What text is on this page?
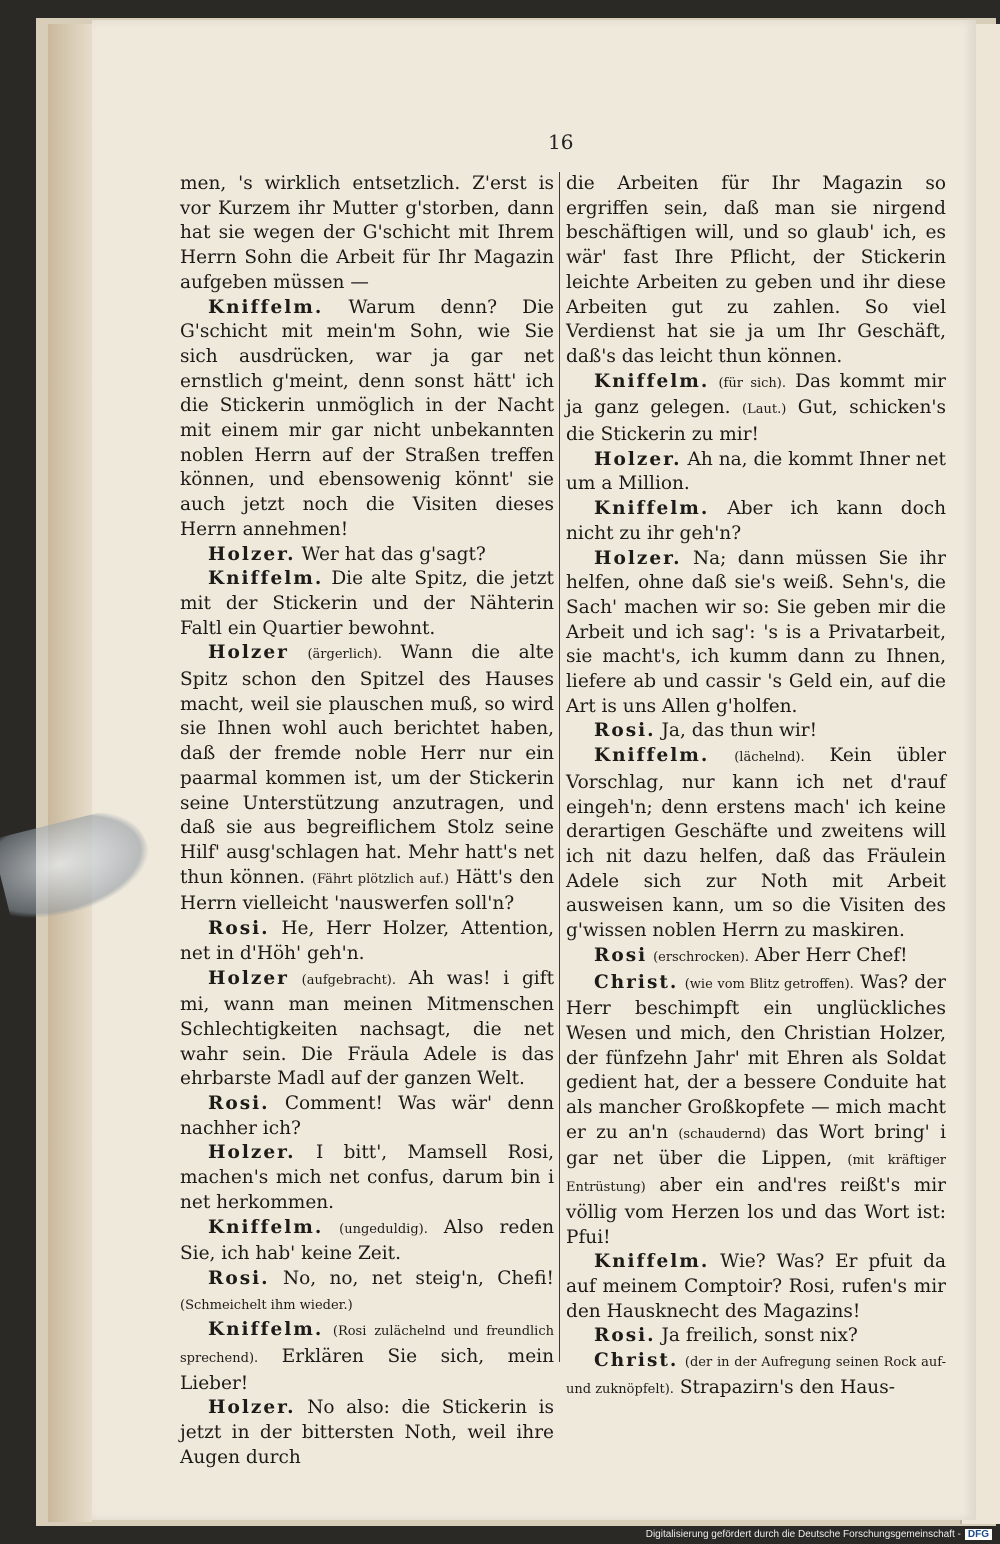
16

men, 's wirklich entsetzlich. Z'erst is vor Kurzem ihr Mutter g'storben, dann hat sie wegen der G'schicht mit Ihrem Herrn Sohn die Arbeit für Ihr Magazin aufgeben müssen —

Kniffelm. Warum denn? Die G'schicht mit mein'm Sohn, wie Sie sich ausdrücken, war ja gar net ernstlich g'meint, denn sonst hätt' ich die Stickerin unmöglich in der Nacht mit einem mir gar nicht unbekannten noblen Herrn auf der Straßen treffen können, und ebensowenig könnt' sie auch jetzt noch die Visiten dieses Herrn annehmen!

Holzer. Wer hat das g'sagt?

Kniffelm. Die alte Spitz, die jetzt mit der Stickerin und der Nähterin Faltl ein Quartier bewohnt.

Holzer (ärgerlich). Wann die alte Spitz schon den Spitzel des Hauses macht, weil sie plauschen muß, so wird sie Ihnen wohl auch berichtet haben, daß der fremde noble Herr nur ein paarmal kommen ist, um der Stickerin seine Unterstützung anzutragen, und daß sie aus begreiflichem Stolz seine Hilf' ausg'schlagen hat. Mehr hatt's net thun können. (Fährt plötzlich auf.) Hätt's den Herrn vielleicht 'nauswerfen soll'n?

Rosi. He, Herr Holzer, Attention, net in d'Höh' geh'n.

Holzer (aufgebracht). Ah was! i gift mi, wann man meinen Mitmenschen Schlechtigkeiten nachsagt, die net wahr sein. Die Fräula Adele is das ehrbarste Madl auf der ganzen Welt.

Rosi. Comment! Was wär' denn nachher ich?

Holzer. I bitt', Mamsell Rosi, machen's mich net confus, darum bin i net herkommen.

Kniffelm. (ungeduldig). Also reden Sie, ich hab' keine Zeit.

Rosi. No, no, net steig'n, Chefi! (Schmeichelt ihm wieder.)

Kniffelm. (Rosi zulächelnd und freundlich sprechend). Erklären Sie sich, mein Lieber!

Holzer. No also: die Stickerin is jetzt in der bittersten Noth, weil ihre Augen durch

die Arbeiten für Ihr Magazin so ergriffen sein, daß man sie nirgend beschäftigen will, und so glaub' ich, es wär' fast Ihre Pflicht, der Stickerin leichte Arbeiten zu geben und ihr diese Arbeiten gut zu zahlen. So viel Verdienst hat sie ja um Ihr Geschäft, daß's das leicht thun können.

Kniffelm. (für sich). Das kommt mir ja ganz gelegen. (Laut.) Gut, schicken's die Stickerin zu mir!

Holzer. Ah na, die kommt Ihner net um a Million.

Kniffelm. Aber ich kann doch nicht zu ihr geh'n?

Holzer. Na; dann müssen Sie ihr helfen, ohne daß sie's weiß. Sehn's, die Sach' machen wir so: Sie geben mir die Arbeit und ich sag': 's is a Privatarbeit, sie macht's, ich kumm dann zu Ihnen, liefere ab und cassir 's Geld ein, auf die Art is uns Allen g'holfen.

Rosi. Ja, das thun wir!

Kniffelm. (lächelnd). Kein übler Vorschlag, nur kann ich net d'rauf eingeh'n; denn erstens mach' ich keine derartigen Geschäfte und zweitens will ich nit dazu helfen, daß das Fräulein Adele sich zur Noth mit Arbeit ausweisen kann, um so die Visiten des g'wissen noblen Herrn zu maskiren.

Rosi (erschrocken). Aber Herr Chef!

Christ. (wie vom Blitz getroffen). Was? der Herr beschimpft ein unglückliches Wesen und mich, den Christian Holzer, der fünfzehn Jahr' mit Ehren als Soldat gedient hat, der a bessere Conduite hat als mancher Großkopfete — mich macht er zu an'n (schaudernd) das Wort bring' i gar net über die Lippen, (mit kräftiger Entrüstung) aber ein and'res reißt's mir völlig vom Herzen los und das Wort ist: Pfui!

Kniffelm. Wie? Was? Er pfuit da auf meinem Comptoir? Rosi, rufen's mir den Hausknecht des Magazins!

Rosi. Ja freilich, sonst nix?

Christ. (der in der Aufregung seinen Rock auf- und zuknöpfelt). Strapazirn's den Haus-

Digitalisierung gefördert durch die Deutsche Forschungsgemeinschaft - DFG
